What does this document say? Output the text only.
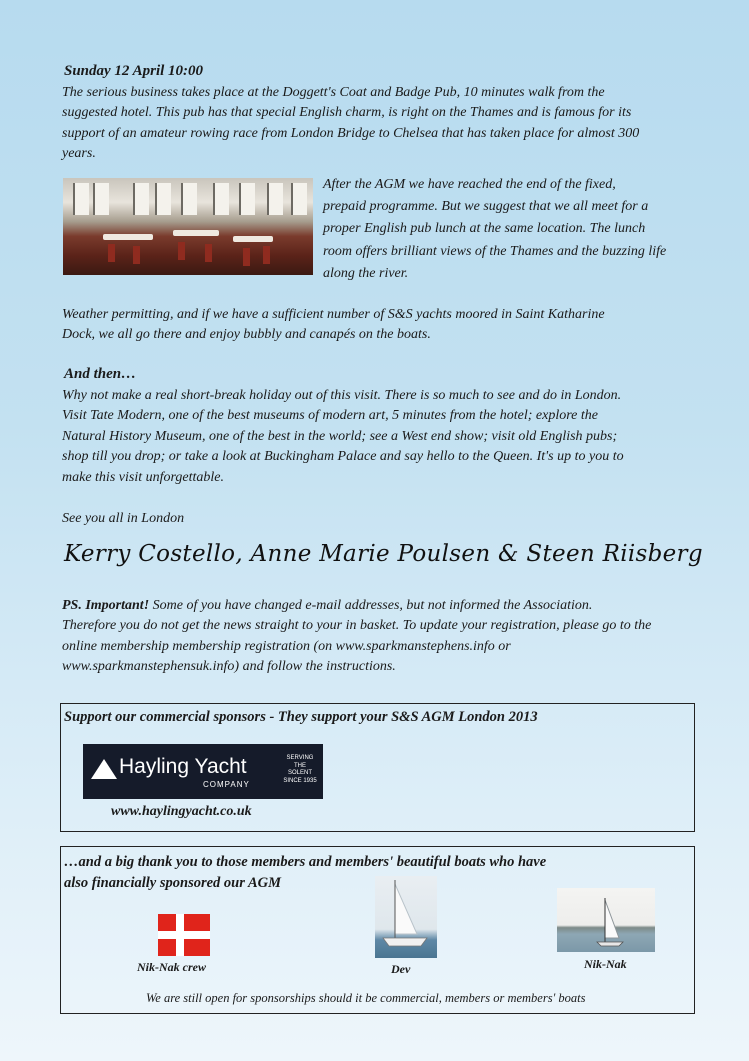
Sunday 12 April 10:00
The serious business takes place at the Doggett's Coat and Badge Pub, 10 minutes walk from the
suggested hotel. This pub has that special English charm, is right on the Thames and is famous for its
support of an amateur rowing race from London Bridge to Chelsea that has taken place for almost 300
years.
After the AGM we have reached the end of the fixed,
prepaid programme. But we suggest that we all meet for a
proper English pub lunch at the same location. The lunch
room offers brilliant views of the Thames and the buzzing life
along the river.
Weather permitting, and if we have a sufficient number of S&S yachts moored in Saint Katharine
Dock, we all go there and enjoy bubbly and canapés on the boats.
And then…
Why not make a real short-break holiday out of this visit. There is so much to see and do in London.
Visit Tate Modern, one of the best museums of modern art, 5 minutes from the hotel; explore the
Natural History Museum, one of the best in the world; see a West end show; visit old English pubs;
shop till you drop; or take a look at Buckingham Palace and say hello to the Queen. It's up to you to
make this visit unforgettable.
See you all in London
Kerry Costello, Anne Marie Poulsen & Steen Riisberg
PS. Important! Some of you have changed e-mail addresses, but not informed the Association.
Therefore you do not get the news straight to your in basket. To update your registration, please go to the
online membership membership registration (on www.sparkmanstephens.info or
www.sparkmanstephensuk.info) and follow the instructions.
Support our commercial sponsors - They support your S&S AGM London 2013
Hayling Yacht
COMPANY
SERVING
THE SOLENT
SINCE 1935
www.haylingyacht.co.uk
…and a big thank you to those members and members' beautiful boats who have
also financially sponsored our AGM
Nik-Nak crew	Dev	Nik-Nak
We are still open for sponsorships should it be commercial, members or members' boats
